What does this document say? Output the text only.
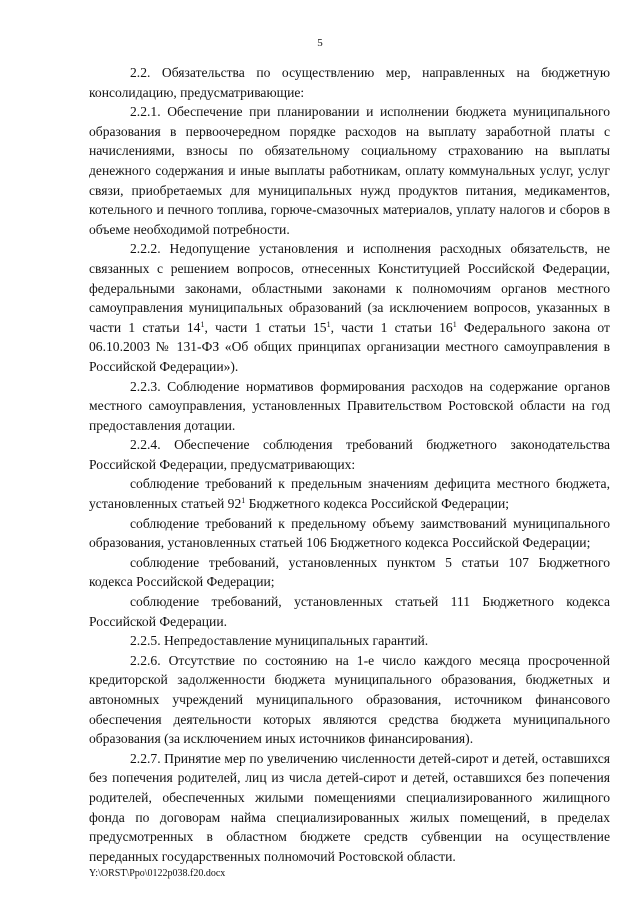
5

2.2. Обязательства по осуществлению мер, направленных на бюджетную консолидацию, предусматривающие:

2.2.1. Обеспечение при планировании и исполнении бюджета муниципального образования в первоочередном порядке расходов на выплату заработной платы с начислениями, взносы по обязательному социальному страхованию на выплаты денежного содержания и иные выплаты работникам, оплату коммунальных услуг, услуг связи, приобретаемых для муниципальных нужд продуктов питания, медикаментов, котельного и печного топлива, горюче-смазочных материалов, уплату налогов и сборов в объеме необходимой потребности.

2.2.2. Недопущение установления и исполнения расходных обязательств, не связанных с решением вопросов, отнесенных Конституцией Российской Федерации, федеральными законами, областными законами к полномочиям органов местного самоуправления муниципальных образований (за исключением вопросов, указанных в части 1 статьи $14^1$, части 1 статьи $15^1$, части 1 статьи $16^1$ Федерального закона от 06.10.2003 № 131-ФЗ «Об общих принципах организации местного самоуправления в Российской Федерации»).

2.2.3. Соблюдение нормативов формирования расходов на содержание органов местного самоуправления, установленных Правительством Ростовской области на год предоставления дотации.

2.2.4. Обеспечение соблюдения требований бюджетного законодательства Российской Федерации, предусматривающих:

соблюдение требований к предельным значениям дефицита местного бюджета, установленных статьей $92^1$ Бюджетного кодекса Российской Федерации;

соблюдение требований к предельному объему заимствований муниципального образования, установленных статьей 106 Бюджетного кодекса Российской Федерации;

соблюдение требований, установленных пунктом 5 статьи 107 Бюджетного кодекса Российской Федерации;

соблюдение требований, установленных статьей 111 Бюджетного кодекса Российской Федерации.

2.2.5. Непредоставление муниципальных гарантий.

2.2.6. Отсутствие по состоянию на 1-е число каждого месяца просроченной кредиторской задолженности бюджета муниципального образования, бюджетных и автономных учреждений муниципального образования, источником финансового обеспечения деятельности которых являются средства бюджета муниципального образования (за исключением иных источников финансирования).

2.2.7. Принятие мер по увеличению численности детей-сирот и детей, оставшихся без попечения родителей, лиц из числа детей-сирот и детей, оставшихся без попечения родителей, обеспеченных жилыми помещениями специализированного жилищного фонда по договорам найма специализированных жилых помещений, в пределах предусмотренных в областном бюджете средств субвенции на осуществление переданных государственных полномочий Ростовской области.

Y:\ORST\Ppo\0122p038.f20.docx
